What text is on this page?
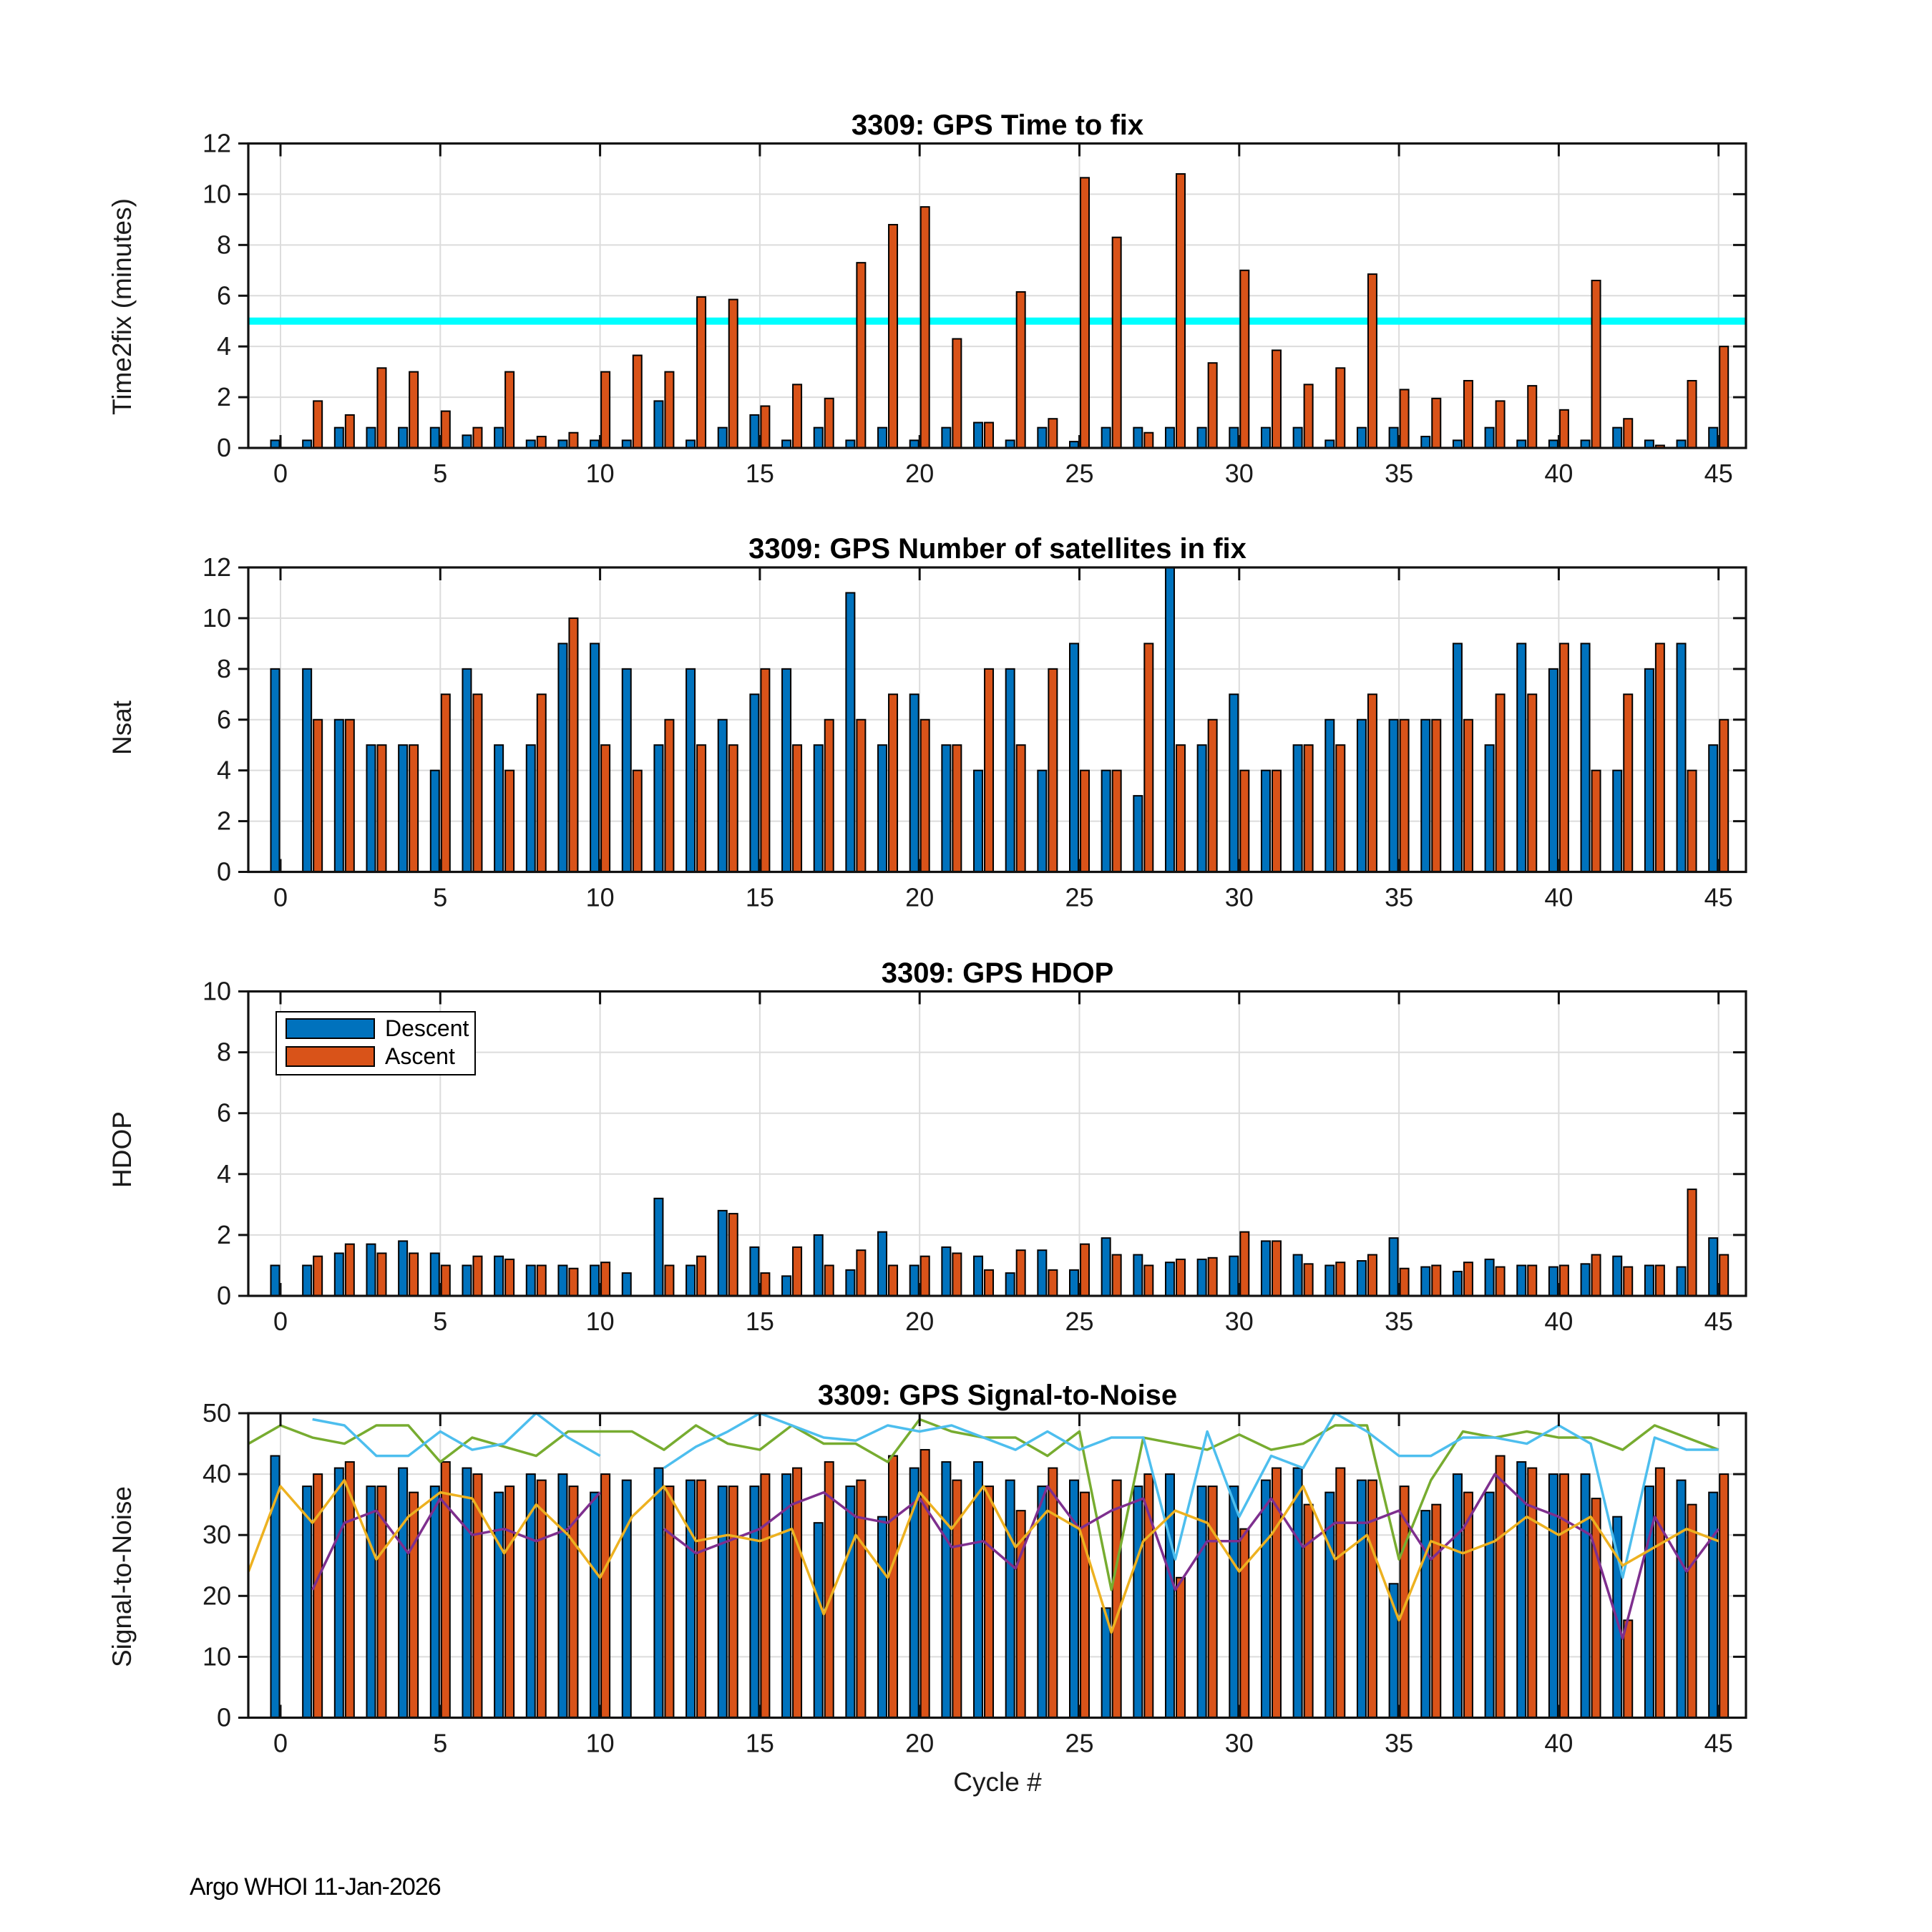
0	5	10	15	20	25	30	35	40	45
0
2
4
6
8
10
12
0	5	10	15	20	25	30	35	40	45
0
2
4
6
8
10
12
0	5	10	15	20	25	30	35	40	45
0
2
4
6
8
10
0	5	10	15	20	25	30	35	40	45
0
10
20
30
40
50
3309: GPS Time to fix
3309: GPS Number of satellites in fix
3309: GPS HDOP
3309: GPS Signal-to-Noise
Time2fix (minutes)
Nsat
HDOP
Signal-to-Noise
Cycle #
Descent
Ascent
Argo WHOI 11-Jan-2026
